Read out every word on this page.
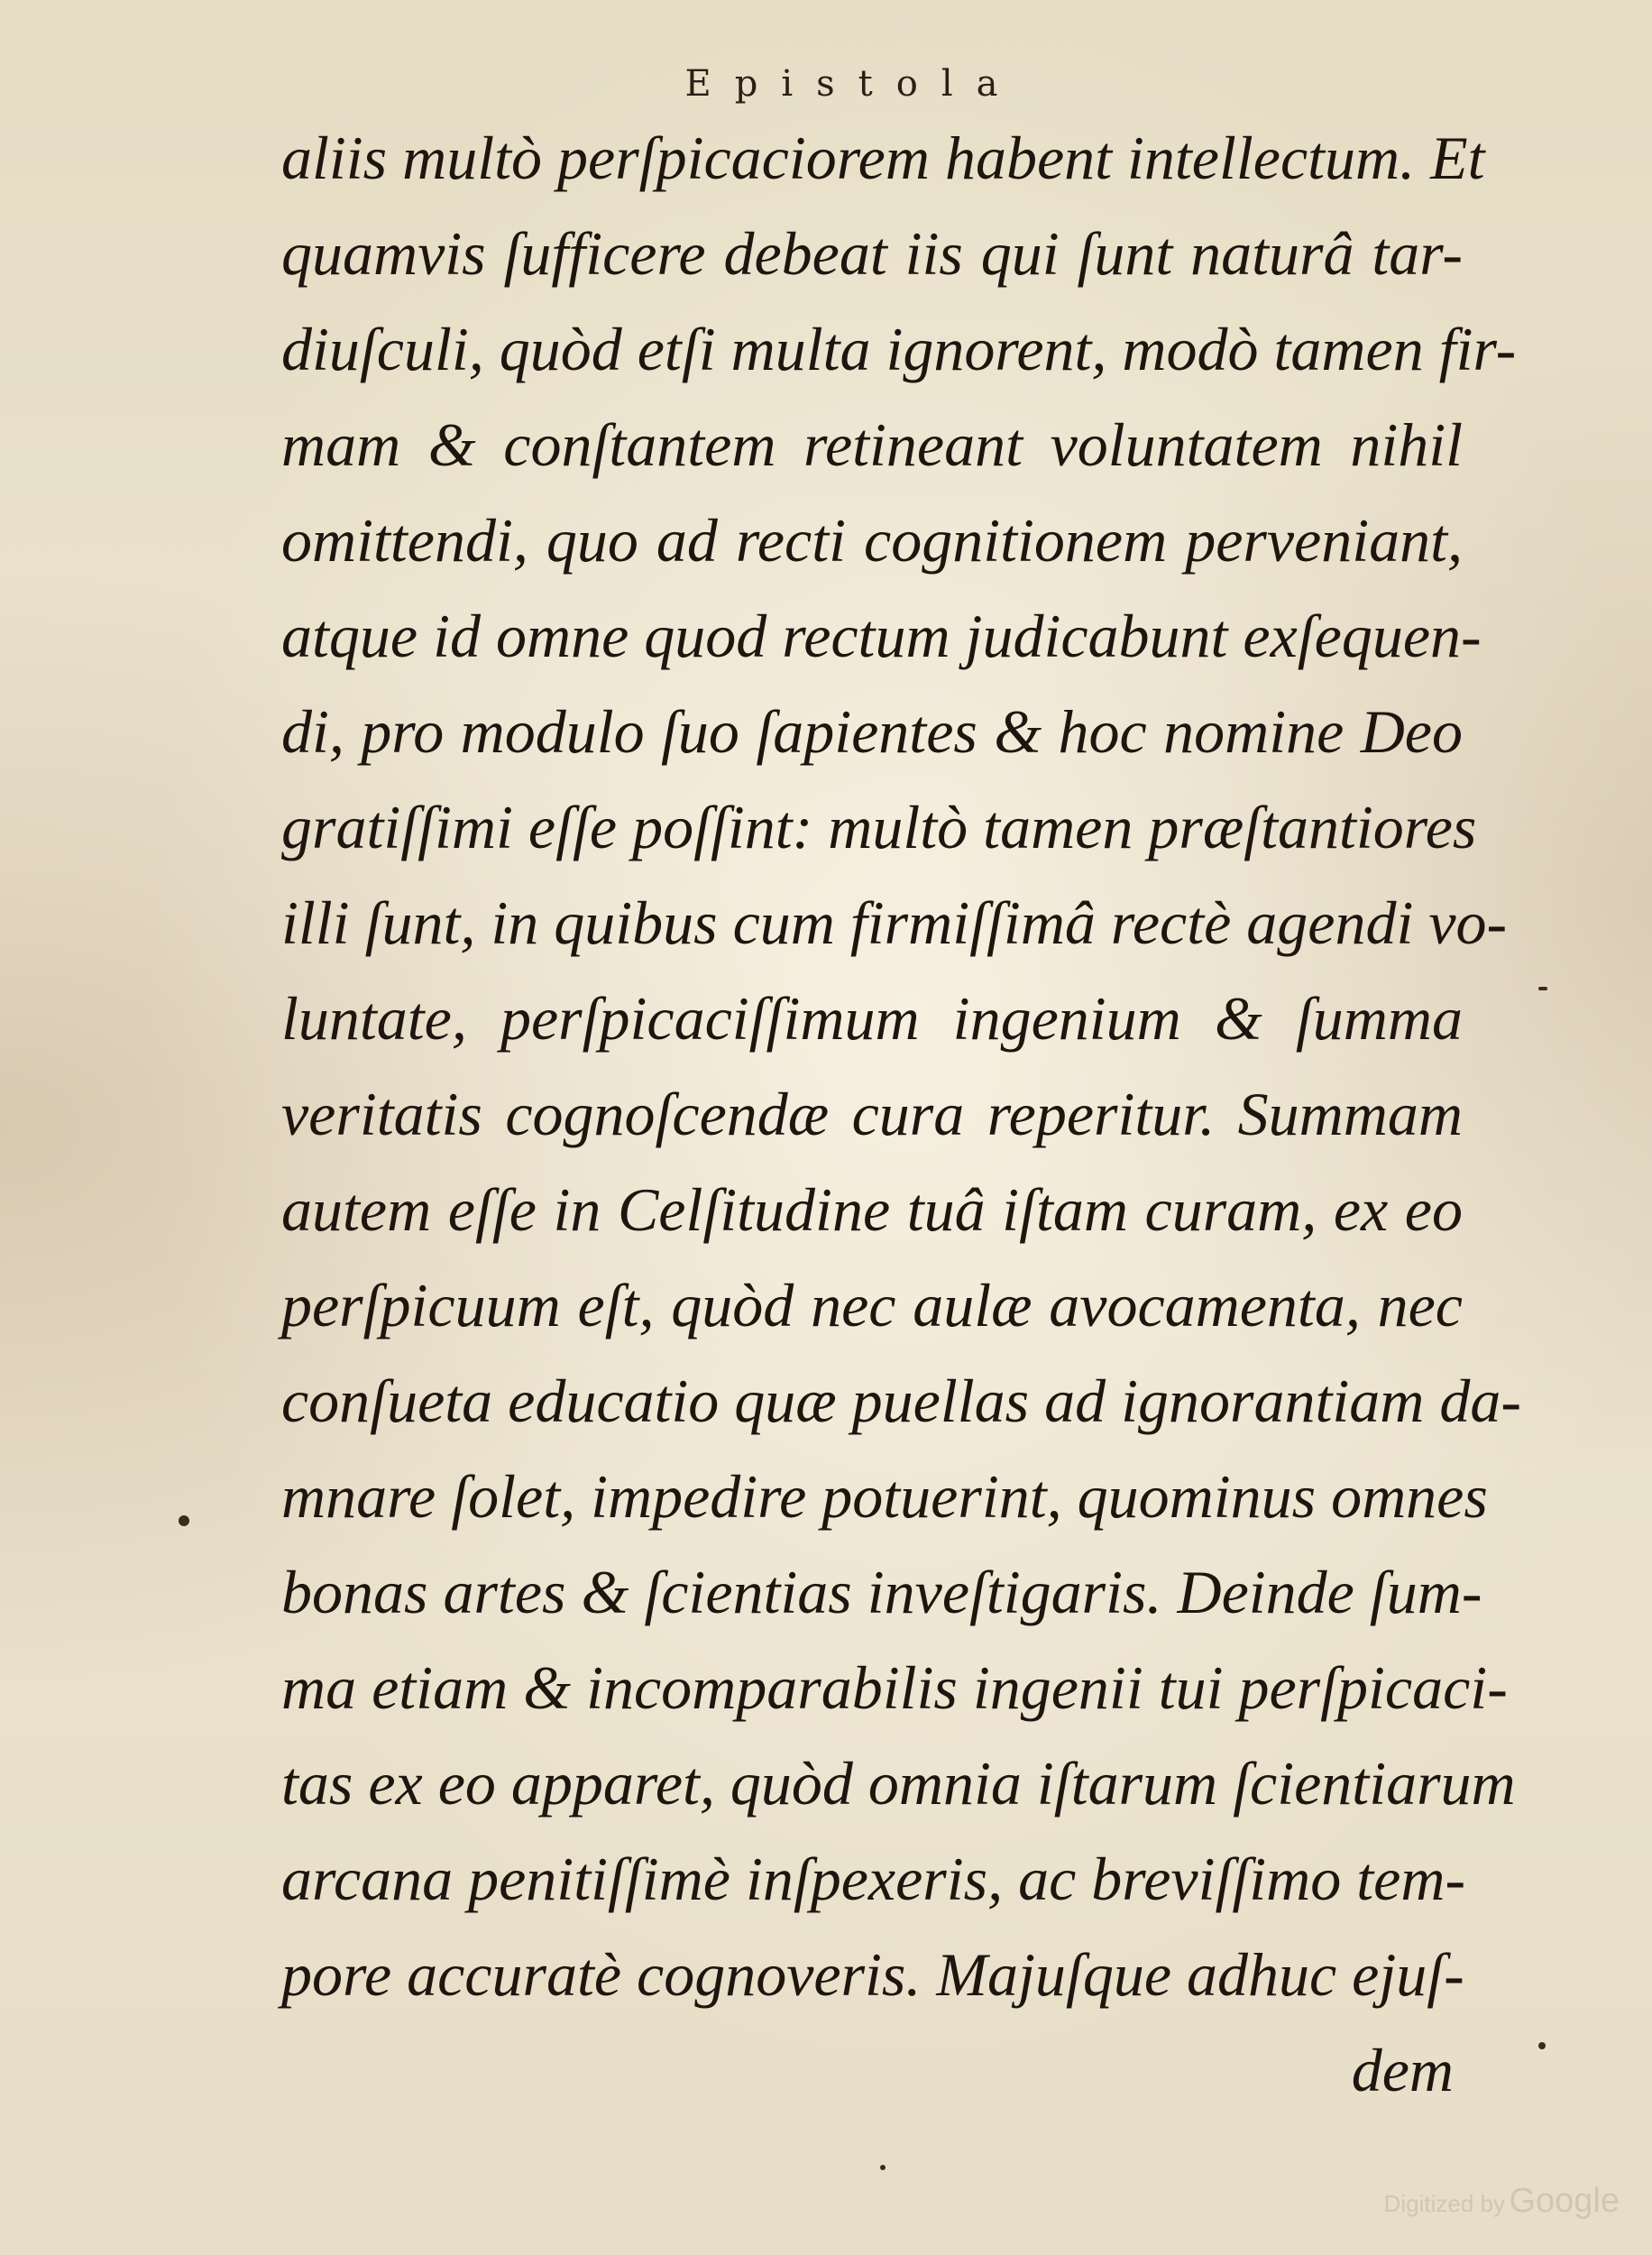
Epistola
aliis multò perſpicaciorem habent intellectum. Et
quamvis ſufficere debeat iis qui ſunt naturâ tar-
diuſculi, quòd etſi multa ignorent, modò tamen fir-
mam & conſtantem retineant voluntatem nihil
omittendi, quo ad recti cognitionem perveniant,
atque id omne quod rectum judicabunt exſequen-
di, pro modulo ſuo ſapientes & hoc nomine Deo
gratiſſimi eſſe poſſint: multò tamen præſtantiores
illi ſunt, in quibus cum firmiſſimâ rectè agendi vo-
luntate, perſpicaciſſimum ingenium & ſumma
veritatis cognoſcendæ cura reperitur. Summam
autem eſſe in Celſitudine tuâ iſtam curam, ex eo
perſpicuum eſt, quòd nec aulæ avocamenta, nec
conſueta educatio quæ puellas ad ignorantiam da-
mnare ſolet, impedire potuerint, quominus omnes
bonas artes & ſcientias inveſtigaris. Deinde ſum-
ma etiam & incomparabilis ingenii tui perſpicaci-
tas ex eo apparet, quòd omnia iſtarum ſcientiarum
arcana penitiſſimè inſpexeris, ac breviſſimo tem-
pore accuratè cognoveris. Majuſque adhuc ejuſ-
dem
Digitized by Google
